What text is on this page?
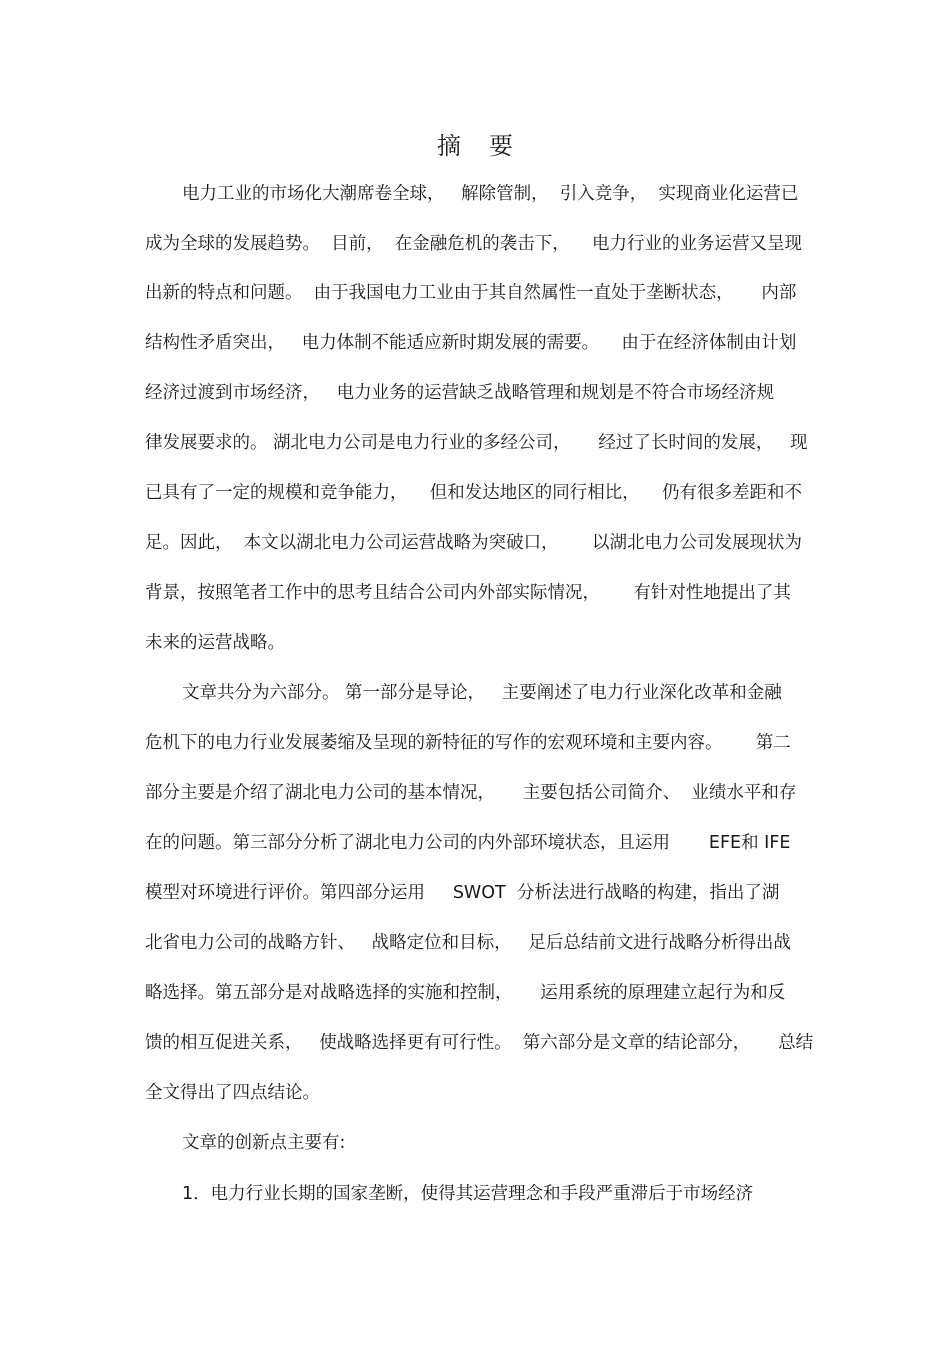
摘 要

电力工业的市场化大潮席卷全球，   解除管制，  引入竞争，  实现商业化运营已

成为全球的发展趋势。  目前，  在金融危机的袭击下，    电力行业的业务运营又呈现

出新的特点和问题。  由于我国电力工业由于其自然属性一直处于垄断状态，     内部

结构性矛盾突出，   电力体制不能适应新时期发展的需要。    由于在经济体制由计划

经济过渡到市场经济，   电力业务的运营缺乏战略管理和规划是不符合市场经济规

律发展要求的。 湖北电力公司是电力行业的多经公司，     经过了长时间的发展，   现

已具有了一定的规模和竞争能力，    但和发达地区的同行相比，    仍有很多差距和不

足。因此，  本文以湖北电力公司运营战略为突破口，      以湖北电力公司发展现状为

背景，按照笔者工作中的思考且结合公司内外部实际情况，      有针对性地提出了其

未来的运营战略。

文章共分为六部分。 第一部分是导论，   主要阐述了电力行业深化改革和金融

危机下的电力行业发展萎缩及呈现的新特征的写作的宏观环境和主要内容。      第二

部分主要是介绍了湖北电力公司的基本情况，     主要包括公司简介、  业绩水平和存

在的问题。第三部分分析了湖北电力公司的内外部环境状态，且运用       EFE和 IFE

模型对环境进行评价。第四部分运用     SWOT  分析法进行战略的构建，指出了湖

北省电力公司的战略方针、   战略定位和目标，   足后总结前文进行战略分析得出战

略选择。第五部分是对战略选择的实施和控制，     运用系统的原理建立起行为和反

馈的相互促进关系，   使战略选择更有可行性。  第六部分是文章的结论部分，     总结

全文得出了四点结论。

文章的创新点主要有:

1．电力行业长期的国家垄断，使得其运营理念和手段严重滞后于市场经济
